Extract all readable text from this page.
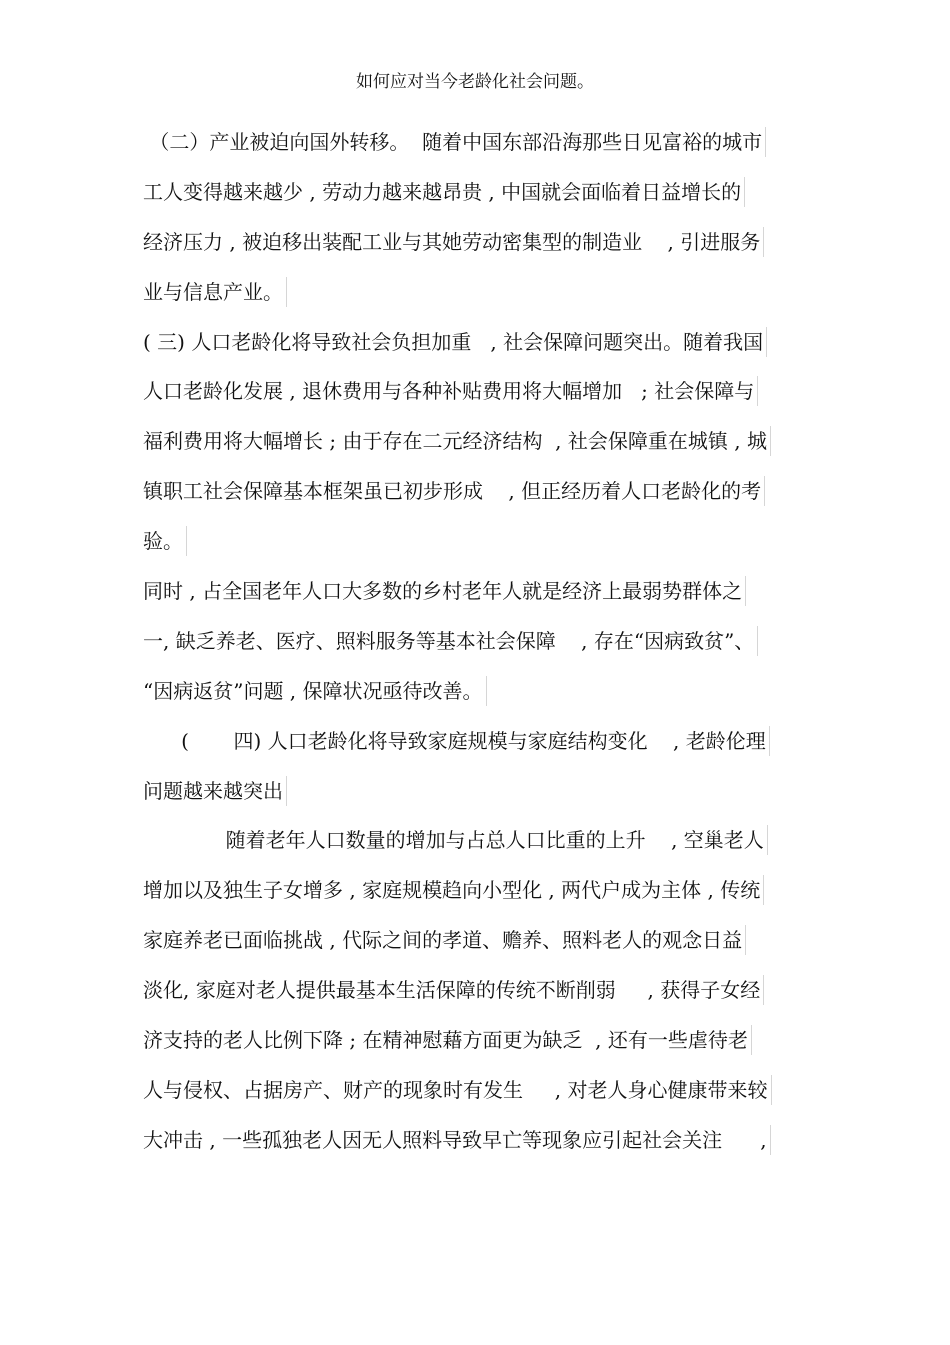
如何应对当今老龄化社会问题。
（二）产业被迫向国外转移。  随着中国东部沿海那些日见富裕的城市
工人变得越来越少 , 劳动力越来越昂贵 , 中国就会面临着日益增长的
经济压力 , 被迫移出装配工业与其她劳动密集型的制造业    , 引进服务
业与信息产业。
( 三) 人口老龄化将导致社会负担加重   , 社会保障问题突出。随着我国
人口老龄化发展 , 退休费用与各种补贴费用将大幅增加   ; 社会保障与
福利费用将大幅增长 ; 由于存在二元经济结构  , 社会保障重在城镇 , 城
镇职工社会保障基本框架虽已初步形成    , 但正经历着人口老龄化的考
验。
同时 , 占全国老年人口大多数的乡村老年人就是经济上最弱势群体之
一, 缺乏养老、医疗、照料服务等基本社会保障    , 存在“因病致贫”、
“因病返贫”问题 , 保障状况亟待改善。
(       四) 人口老龄化将导致家庭规模与家庭结构变化    , 老龄伦理
问题越来越突出
随着老年人口数量的增加与占总人口比重的上升    , 空巢老人
增加以及独生子女增多 , 家庭规模趋向小型化 , 两代户成为主体 , 传统
家庭养老已面临挑战 , 代际之间的孝道、赡养、照料老人的观念日益
淡化, 家庭对老人提供最基本生活保障的传统不断削弱     , 获得子女经
济支持的老人比例下降 ; 在精神慰藉方面更为缺乏  , 还有一些虐待老
人与侵权、占据房产、财产的现象时有发生     , 对老人身心健康带来较
大冲击 , 一些孤独老人因无人照料导致早亡等现象应引起社会关注      ,
